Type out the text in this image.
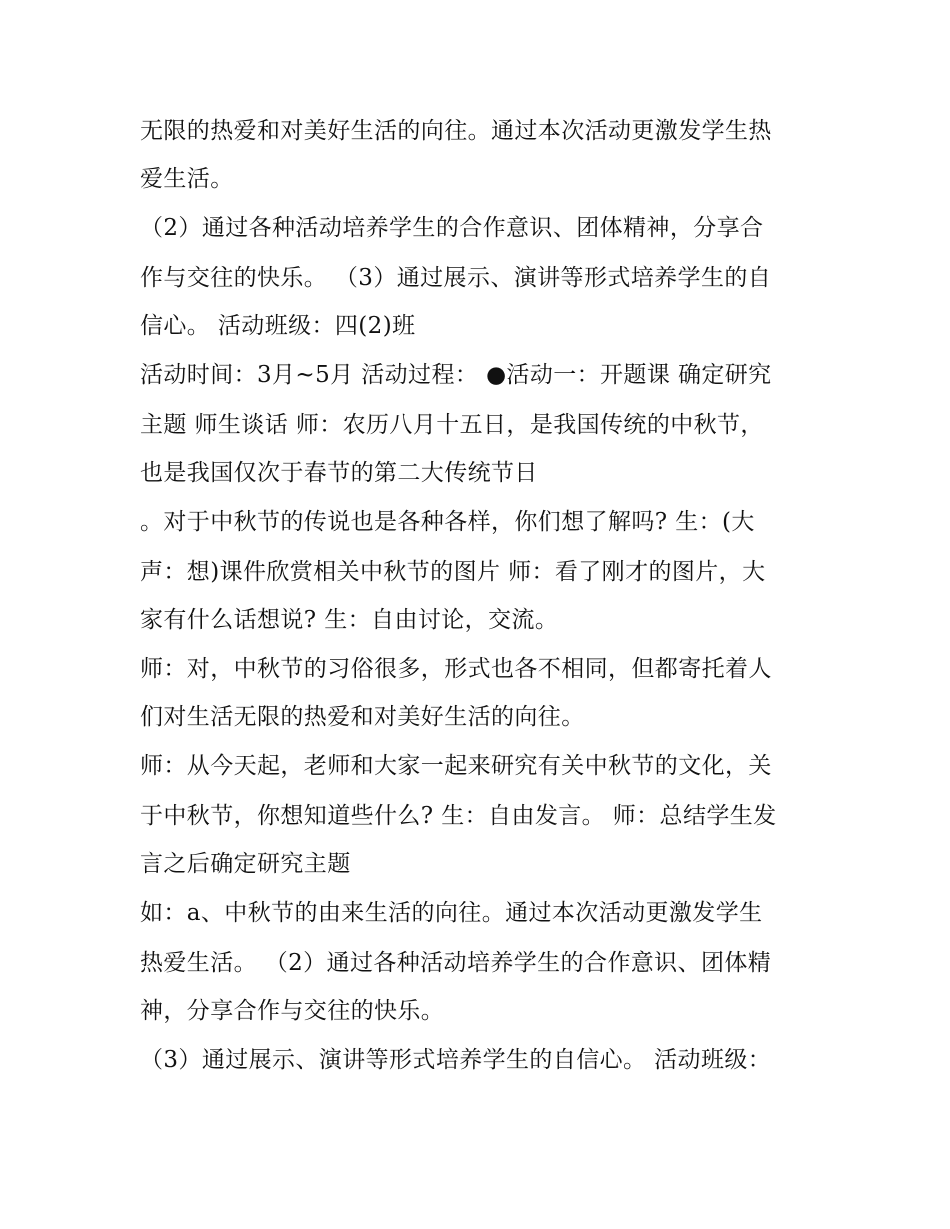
无限的热爱和对美好生活的向往。通过本次活动更激发学生热
爱生活。
（2）通过各种活动培养学生的合作意识、团体精神，分享合
作与交往的快乐。 （3）通过展示、演讲等形式培养学生的自
信心。 活动班级：四(2)班
活动时间：3月~5月 活动过程： ●活动一：开题课 确定研究
主题 师生谈话 师：农历八月十五日，是我国传统的中秋节，
也是我国仅次于春节的第二大传统节日
。对于中秋节的传说也是各种各样，你们想了解吗? 生：(大
声：想)课件欣赏相关中秋节的图片 师：看了刚才的图片，大
家有什么话想说? 生：自由讨论，交流。
师：对，中秋节的习俗很多，形式也各不相同，但都寄托着人
们对生活无限的热爱和对美好生活的向往。
师：从今天起，老师和大家一起来研究有关中秋节的文化，关
于中秋节，你想知道些什么? 生：自由发言。 师：总结学生发
言之后确定研究主题
如：a、中秋节的由来生活的向往。通过本次活动更激发学生
热爱生活。 （2）通过各种活动培养学生的合作意识、团体精
神，分享合作与交往的快乐。
（3）通过展示、演讲等形式培养学生的自信心。 活动班级：
